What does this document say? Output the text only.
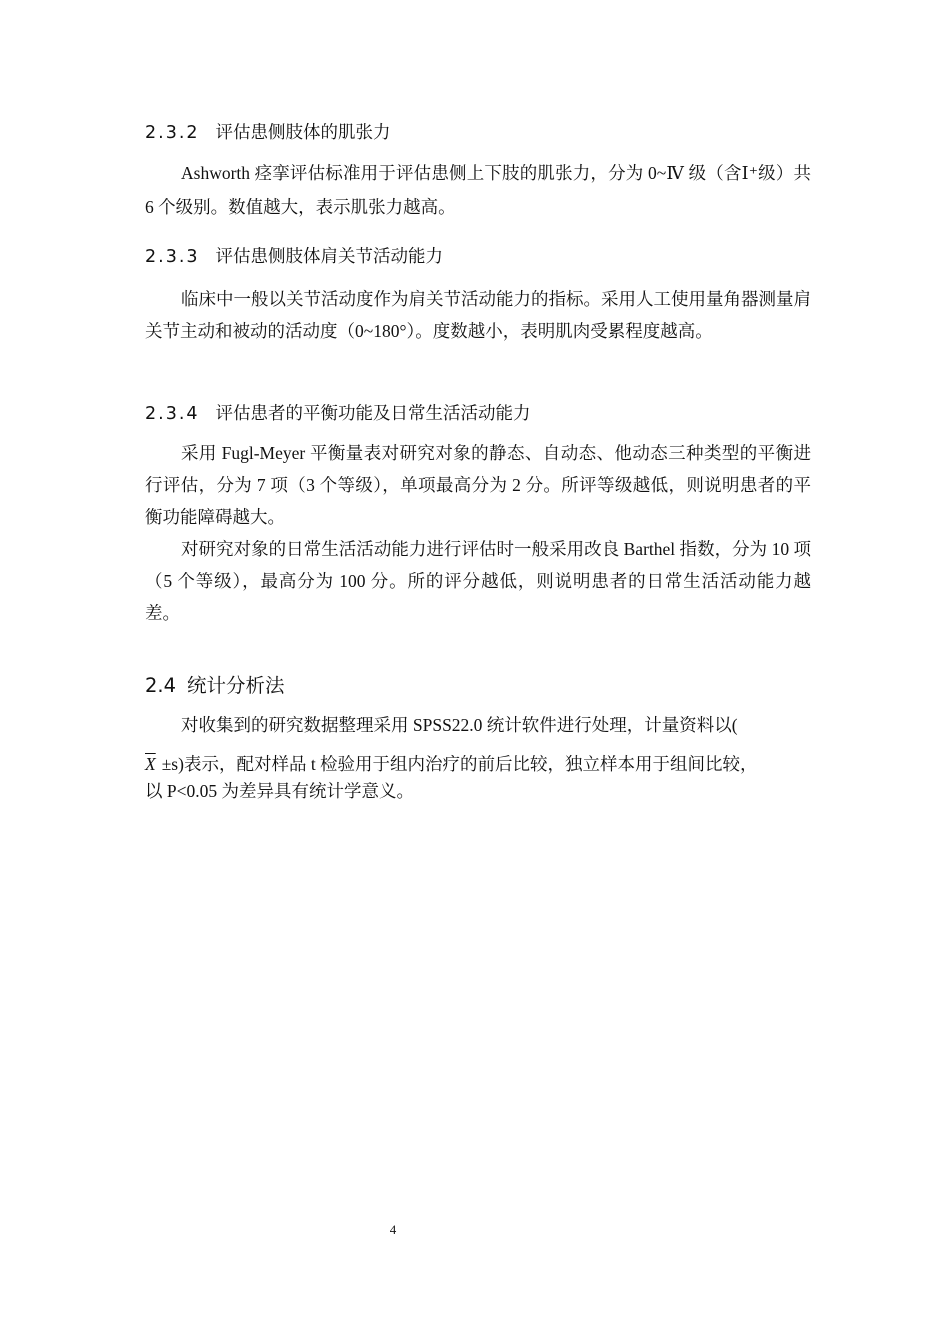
2.3.2 评估患侧肢体的肌张力
Ashworth 痉挛评估标准用于评估患侧上下肢的肌张力，分为 0~Ⅳ 级（含Ⅰ⁺级）共 6 个级别。数值越大，表示肌张力越高。
2.3.3 评估患侧肢体肩关节活动能力
临床中一般以关节活动度作为肩关节活动能力的指标。采用人工使用量角器测量肩关节主动和被动的活动度（0~180°）。度数越小，表明肌肉受累程度越高。
2.3.4 评估患者的平衡功能及日常生活活动能力
采用 Fugl-Meyer 平衡量表对研究对象的静态、自动态、他动态三种类型的平衡进行评估，分为 7 项（3 个等级），单项最高分为 2 分。所评等级越低，则说明患者的平衡功能障碍越大。
对研究对象的日常生活活动能力进行评估时一般采用改良 Barthel 指数，分为 10 项（5 个等级），最高分为 100 分。所的评分越低，则说明患者的日常生活活动能力越差。
2.4 统计分析法
对收集到的研究数据整理采用 SPSS22.0 统计软件进行处理，计量资料以(
$\overline{X} \pm s$)表示，配对样品 t 检验用于组内治疗的前后比较，独立样本用于组间比较，
以 P<0.05 为差异具有统计学意义。
4
